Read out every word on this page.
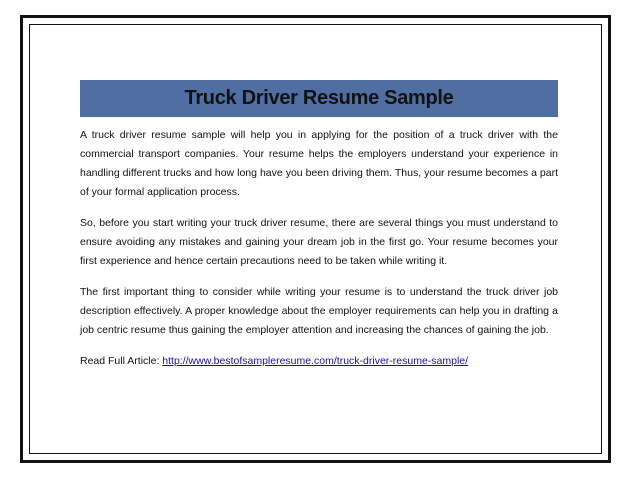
Truck Driver Resume Sample

A truck driver resume sample will help you in applying for the position of a truck driver with the commercial transport companies. Your resume helps the employers understand your experience in handling different trucks and how long have you been driving them. Thus, your resume becomes a part of your formal application process.

So, before you start writing your truck driver resume, there are several things you must understand to ensure avoiding any mistakes and gaining your dream job in the first go. Your resume becomes your first experience and hence certain precautions need to be taken while writing it.

The first important thing to consider while writing your resume is to understand the truck driver job description effectively. A proper knowledge about the employer requirements can help you in drafting a job centric resume thus gaining the employer attention and increasing the chances of gaining the job.

Read Full Article: http://www.bestofsampleresume.com/truck-driver-resume-sample/
